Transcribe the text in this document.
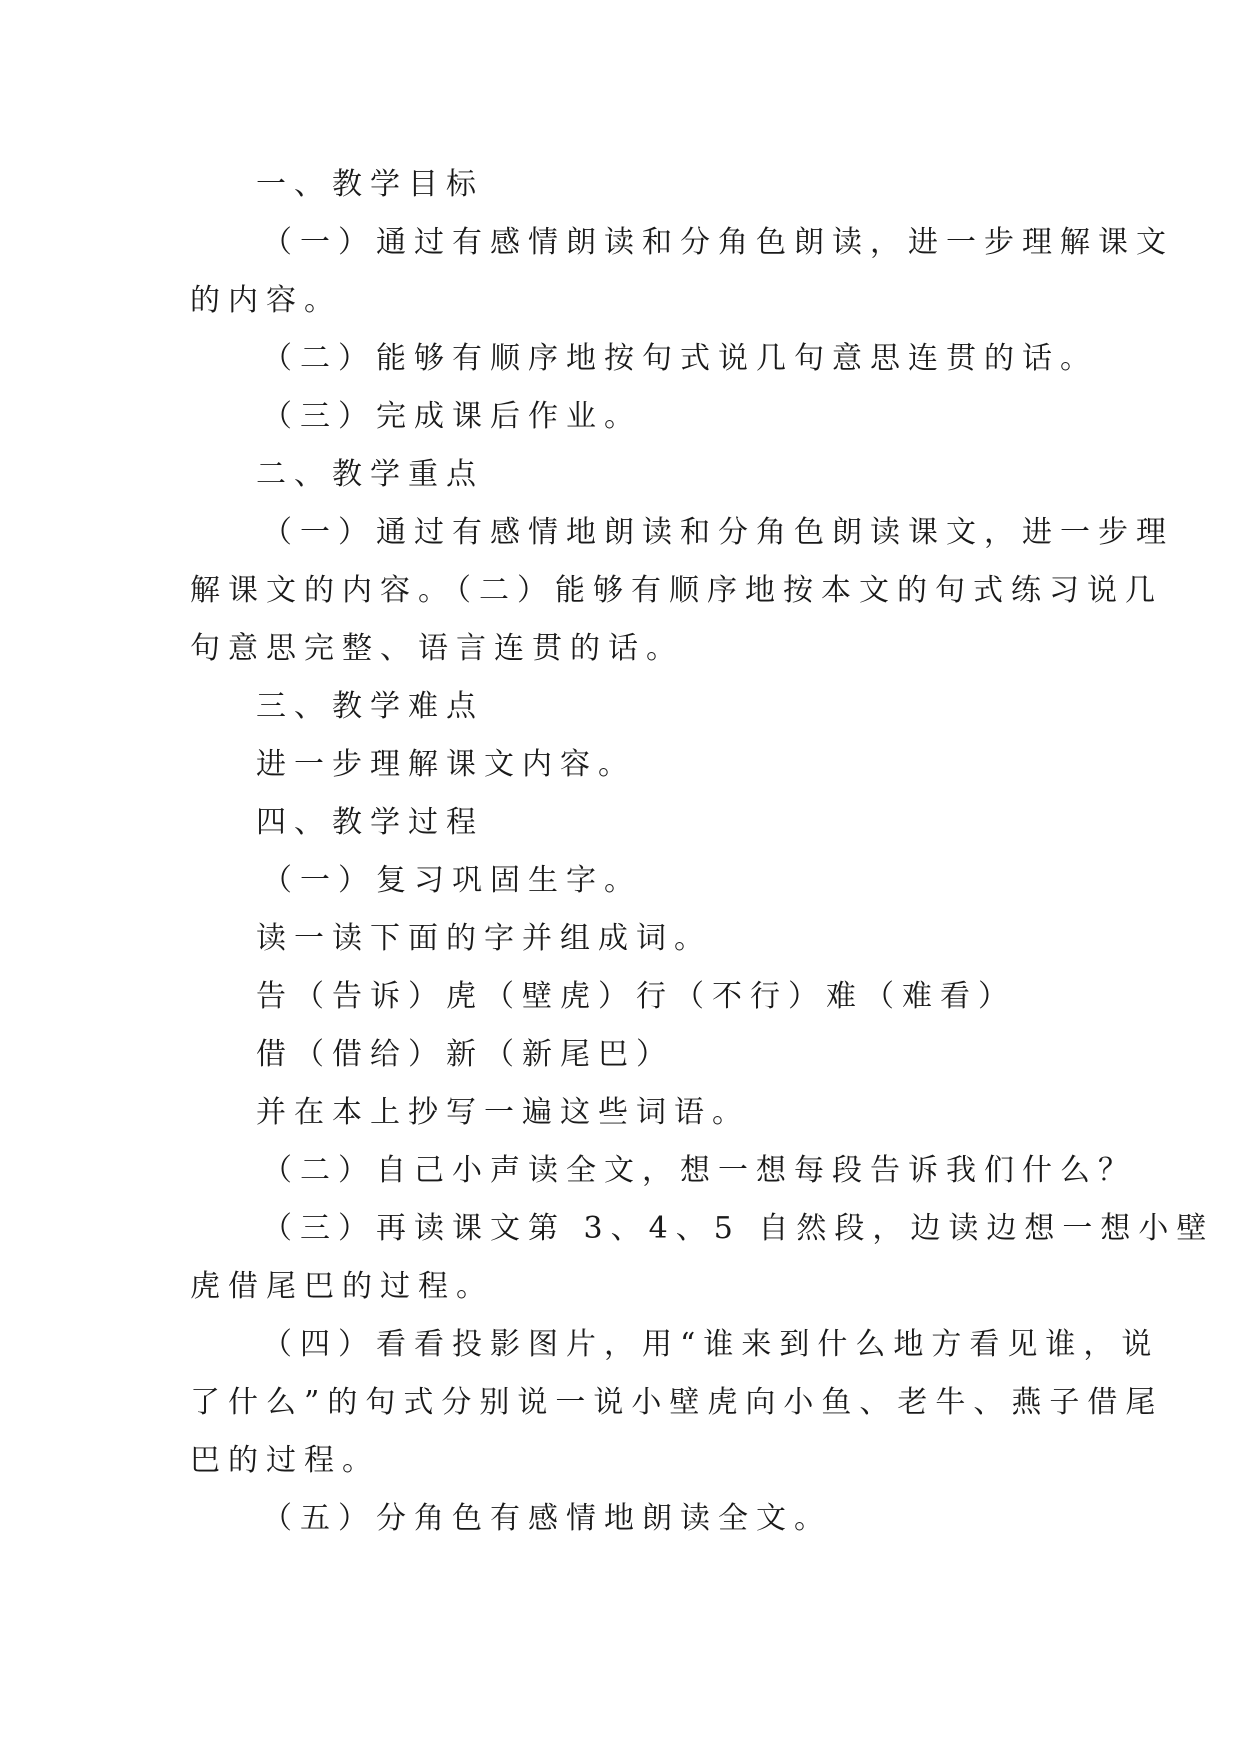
一、教学目标
（一）通过有感情朗读和分角色朗读，进一步理解课文
的内容。
（二）能够有顺序地按句式说几句意思连贯的话。
（三）完成课后作业。
二、教学重点
（一）通过有感情地朗读和分角色朗读课文，进一步理
解课文的内容。（二）能够有顺序地按本文的句式练习说几
句意思完整、语言连贯的话。
三、教学难点
进一步理解课文内容。
四、教学过程
（一）复习巩固生字。
读一读下面的字并组成词。
告（告诉）虎（壁虎）行（不行）难（难看）
借（借给）新（新尾巴）
并在本上抄写一遍这些词语。
（二）自己小声读全文，想一想每段告诉我们什么？
（三）再读课文第 3、4、5 自然段，边读边想一想小壁
虎借尾巴的过程。
（四）看看投影图片，用“谁来到什么地方看见谁，说
了什么”的句式分别说一说小壁虎向小鱼、老牛、燕子借尾
巴的过程。
（五）分角色有感情地朗读全文。
